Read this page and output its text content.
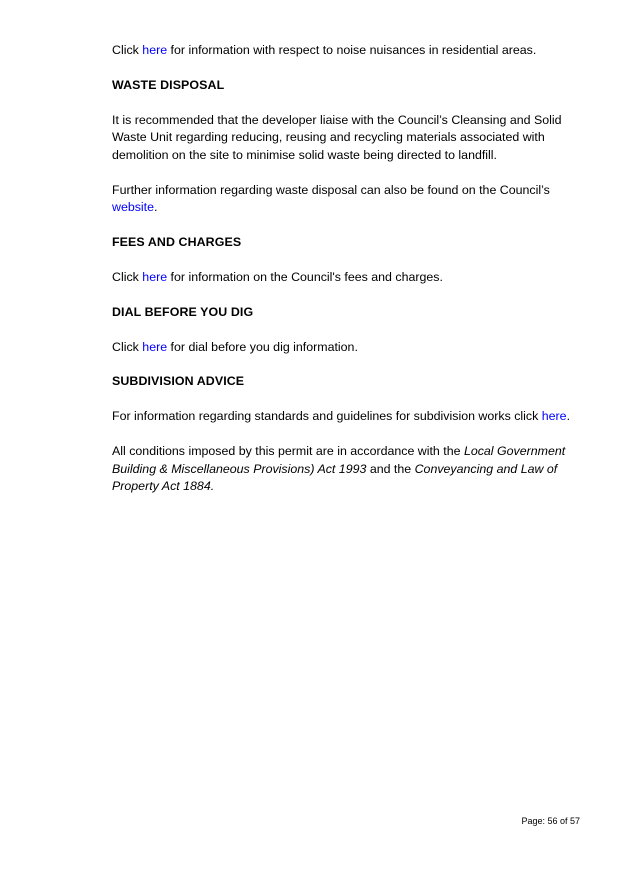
Click here for information with respect to noise nuisances in residential areas.

WASTE DISPOSAL

It is recommended that the developer liaise with the Council’s Cleansing and Solid Waste Unit regarding reducing, reusing and recycling materials associated with demolition on the site to minimise solid waste being directed to landfill.

Further information regarding waste disposal can also be found on the Council’s website.

FEES AND CHARGES

Click here for information on the Council's fees and charges.

DIAL BEFORE YOU DIG

Click here for dial before you dig information.

SUBDIVISION ADVICE

For information regarding standards and guidelines for subdivision works click here.

All conditions imposed by this permit are in accordance with the Local Government Building & Miscellaneous Provisions) Act 1993 and the Conveyancing and Law of Property Act 1884.

Page: 56 of 57
